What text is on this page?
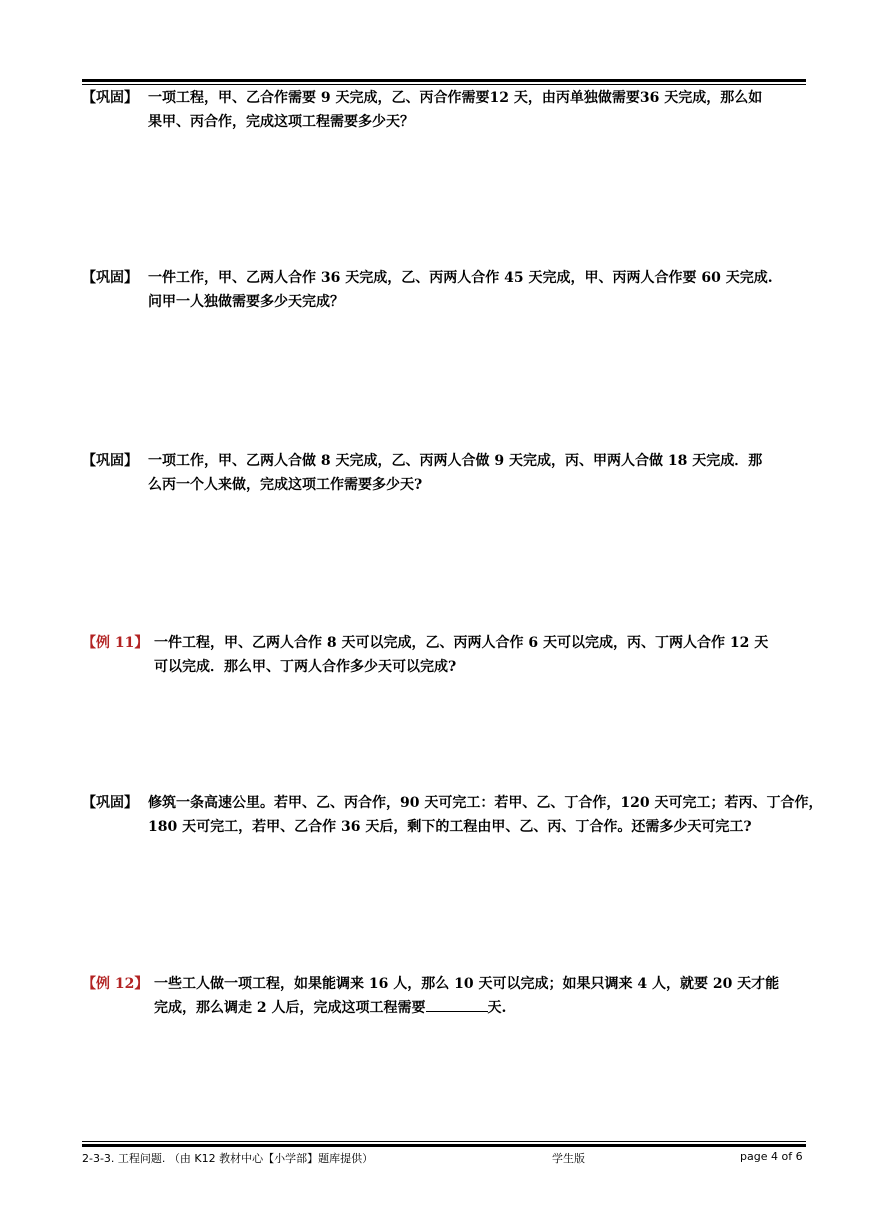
【巩固】 一项工程，甲、乙合作需要 9 天完成，乙、丙合作需要12 天，由丙单独做需要36 天完成，那么如
果甲、丙合作，完成这项工程需要多少天？
【巩固】 一件工作，甲、乙两人合作 36 天完成，乙、丙两人合作 45 天完成，甲、丙两人合作要 60 天完成.
问甲一人独做需要多少天完成？
【巩固】 一项工作，甲、乙两人合做 8 天完成，乙、丙两人合做 9 天完成，丙、甲两人合做 18 天完成．那
么丙一个人来做，完成这项工作需要多少天?
【例 11】 一件工程，甲、乙两人合作 8 天可以完成，乙、丙两人合作 6 天可以完成，丙、丁两人合作 12 天
可以完成．那么甲、丁两人合作多少天可以完成?
【巩固】 修筑一条高速公里。若甲、乙、丙合作，90 天可完工：若甲、乙、丁合作，120 天可完工；若丙、丁合作，
180 天可完工，若甲、乙合作 36 天后，剩下的工程由甲、乙、丙、丁合作。还需多少天可完工?
【例 12】 一些工人做一项工程，如果能调来 16 人，那么 10 天可以完成；如果只调来 4 人，就要 20 天才能
完成，那么调走 2 人后，完成这项工程需要	天.
2-3-3. 工程问题. （由 K12 教材中心【小学部】题库提供）	学生版	page 4 of 6
